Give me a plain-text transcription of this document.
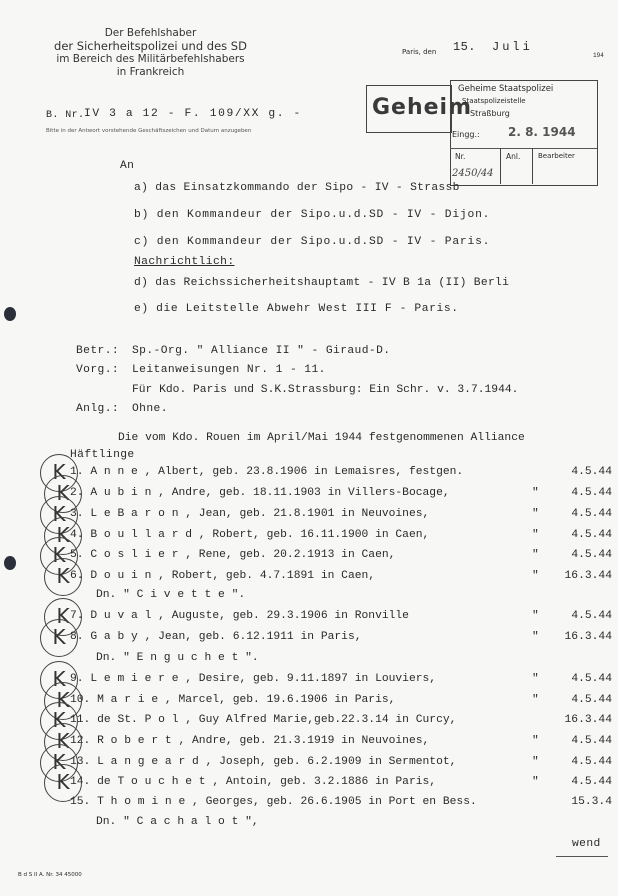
Der Befehlshaber
der Sicherheitspolizei und des SD
im Bereich des Militärbefehlshabers
in Frankreich
Paris, den 15. Juli
194
B. Nr. IV 3 a 12 - F. 109/XX g. -
Bitte in der Antwort vorstehende Geschäftszeichen und Datum anzugeben
Geheim
Geheime Staatspolizei
Staatspolizeistelle
Straßburg
Eingg.: 2. 8. 1944
Nr.	Anl.	Bearbeiter
2450/44
An
a) das Einsatzkommando der Sipo - IV - Strassb
b) den Kommandeur der Sipo.u.d.SD - IV - Dijon.
c) den Kommandeur der Sipo.u.d.SD - IV - Paris.
Nachrichtlich:
d) das Reichssicherheitshauptamt - IV B 1a (II) Berli
e) die Leitstelle Abwehr West III F - Paris.
Betr.: Sp.-Org. " Alliance II " - Giraud-D.
Vorg.: Leitanweisungen Nr. 1 - 11.
Für Kdo. Paris und S.K.Strassburg: Ein Schr. v. 3.7.1944.
Anlg.: Ohne.
Die vom Kdo. Rouen im April/Mai 1944 festgenommenen Alliance
Häftlinge
1. A n n e , Albert, geb. 23.8.1906 in Lemaisres, festgen.	4.5.44
K
2. A u b i n , Andre, geb. 18.11.1903 in Villers-Bocage,	"	4.5.44
K
3. L e B a r o n , Jean, geb. 21.8.1901 in Neuvoines,	"	4.5.44
K
4. B o u l l a r d , Robert, geb. 16.11.1900 in Caen,	"	4.5.44
K
5. C o s l i e r , Rene, geb. 20.2.1913 in Caen,	"	4.5.44
K
6. D o u i n , Robert, geb. 4.7.1891 in Caen,	" 16.3.44
K
Dn. " C i v e t t e ".
7. D u v a l , Auguste, geb. 29.3.1906 in Ronville	"	4.5.44
K
8. G a b y , Jean, geb. 6.12.1911 in Paris,	" 16.3.44
K
Dn. " E n g u c h e t ".
9. L e m i e r e , Desire, geb. 9.11.1897 in Louviers,	"	4.5.44
K
10. M a r i e , Marcel, geb. 19.6.1906 in Paris,	"	4.5.44
K
11. de St. P o l , Guy Alfred Marie,geb.22.3.14 in Curcy,	16.3.44
K
12. R o b e r t , Andre, geb. 21.3.1919 in Neuvoines,	"	4.5.44
K
13. L a n g e a r d , Joseph, geb. 6.2.1909 in Sermentot,	"	4.5.44
K
14. de T o u c h e t , Antoin, geb. 3.2.1886 in Paris,	"	4.5.44
K
15. T h o m i n e , Georges, geb. 26.6.1905 in Port en Bess.	15.3.4
Dn. " C a c h a l o t ",
wend
B d S II A. Nr. 34 45000
